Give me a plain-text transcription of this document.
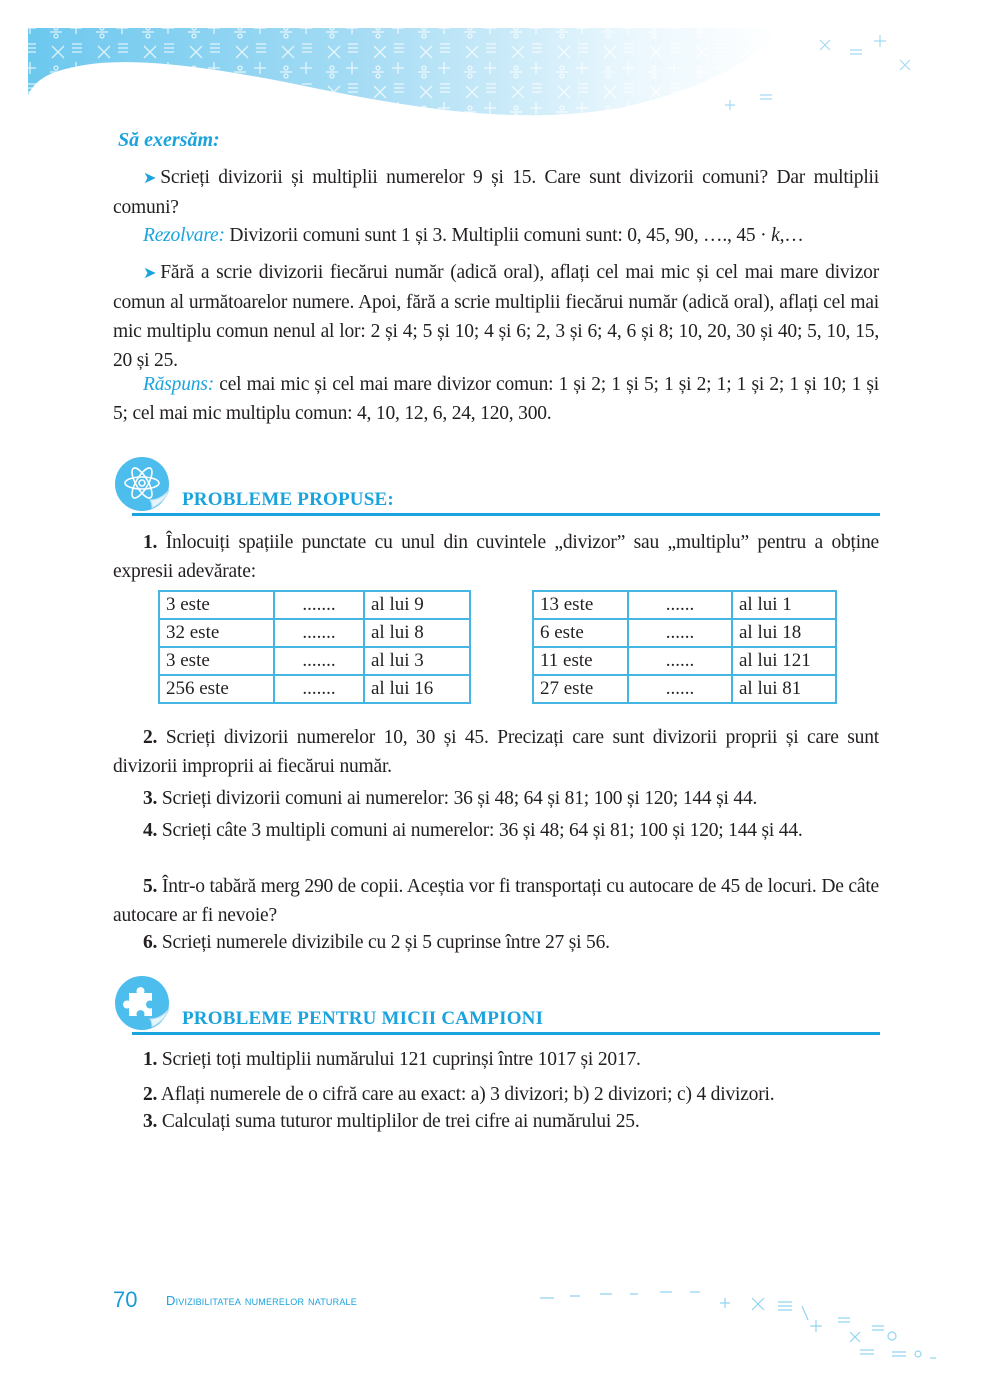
Să exersăm:
➤ Scrieți divizorii și multiplii numerelor 9 și 15. Care sunt divizorii comuni? Dar multiplii comuni?
Rezolvare: Divizorii comuni sunt 1 și 3. Multiplii comuni sunt: 0, 45, 90, …., 45 · k,…
➤ Fără a scrie divizorii fiecărui număr (adică oral), aflați cel mai mic și cel mai mare divizor comun al următoarelor numere. Apoi, fără a scrie multiplii fiecărui număr (adică oral), aflați cel mai mic multiplu comun nenul al lor: 2 și 4; 5 și 10; 4 și 6; 2, 3 și 6; 4, 6 și 8; 10, 20, 30 și 40; 5, 10, 15, 20 și 25.
Răspuns: cel mai mic și cel mai mare divizor comun: 1 și 2; 1 și 5; 1 și 2; 1; 1 și 2; 1 și 10; 1 și 5; cel mai mic multiplu comun: 4, 10, 12, 6, 24, 120, 300.
PROBLEME PROPUSE:
1. Înlocuiți spațiile punctate cu unul din cuvintele „divizor” sau „multiplu” pentru a obține expresii adevărate:
3 este	.......	al lui 9
32 este	.......	al lui 8
3 este	.......	al lui 3
256 este	.......	al lui 16
13 este	......	al lui 1
6 este	......	al lui 18
11 este	......	al lui 121
27 este	......	al lui 81
2. Scrieți divizorii numerelor 10, 30 și 45. Precizați care sunt divizorii proprii și care sunt divizorii improprii ai fiecărui număr.
3. Scrieți divizorii comuni ai numerelor: 36 și 48; 64 și 81; 100 și 120; 144 și 44.
4. Scrieți câte 3 multipli comuni ai numerelor: 36 și 48; 64 și 81; 100 și 120; 144 și 44.
5. Într-o tabără merg 290 de copii. Aceștia vor fi transportați cu autocare de 45 de locuri. De câte autocare ar fi nevoie?
6. Scrieți numerele divizibile cu 2 și 5 cuprinse între 27 și 56.
PROBLEME PENTRU MICII CAMPIONI
1. Scrieți toți multiplii numărului 121 cuprinși între 1017 și 2017.
2. Aflați numerele de o cifră care au exact: a) 3 divizori; b) 2 divizori; c) 4 divizori.
3. Calculați suma tuturor multiplilor de trei cifre ai numărului 25.
70 Divizibilitatea numerelor naturale
